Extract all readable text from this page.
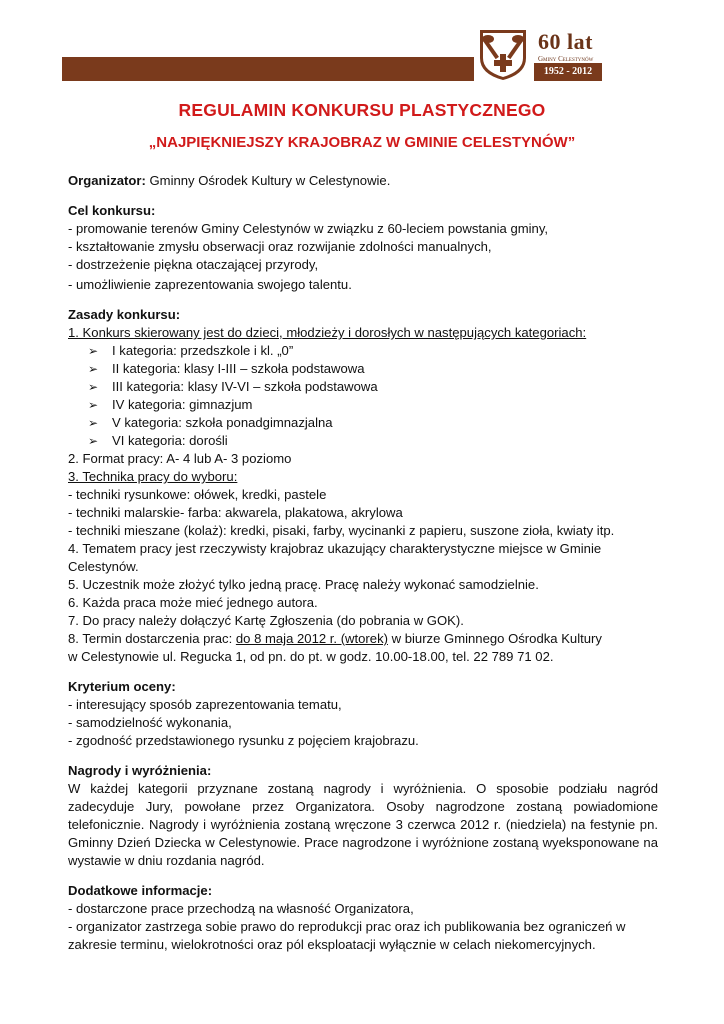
60 lat
Gminy Celestynów
1952 - 2012
REGULAMIN KONKURSU PLASTYCZNEGO
„NAJPIĘKNIEJSZY KRAJOBRAZ W GMINIE CELESTYNÓW”

Organizator: Gminny Ośrodek Kultury w Celestynowie.

Cel konkursu:

- promowanie terenów Gminy Celestynów w związku z 60-leciem powstania gminy,

- kształtowanie zmysłu obserwacji oraz rozwijanie zdolności manualnych,

- dostrzeżenie piękna otaczającej przyrody,

- umożliwienie zaprezentowania swojego talentu.

Zasady konkursu:

1. Konkurs skierowany jest do dzieci, młodzieży i dorosłych w następujących kategoriach:

➢	I kategoria: przedszkole i kl. „0”

➢	II kategoria: klasy I-III – szkoła podstawowa

➢	III kategoria: klasy IV-VI – szkoła podstawowa

➢	IV kategoria: gimnazjum

➢	V kategoria: szkoła ponadgimnazjalna

➢	VI kategoria: dorośli

2. Format pracy: A- 4 lub A- 3 poziomo

3. Technika pracy do wyboru:

- techniki rysunkowe: ołówek, kredki, pastele

- techniki malarskie- farba: akwarela, plakatowa, akrylowa

- techniki mieszane (kolaż): kredki, pisaki, farby, wycinanki z papieru, suszone zioła, kwiaty itp.

4. Tematem pracy jest rzeczywisty krajobraz ukazujący charakterystyczne miejsce w Gminie Celestynów.

5. Uczestnik może złożyć tylko jedną pracę. Pracę należy wykonać samodzielnie.

6. Każda praca może mieć jednego autora.

7. Do pracy należy dołączyć Kartę Zgłoszenia (do pobrania w GOK).

8. Termin dostarczenia prac: do 8 maja 2012 r. (wtorek) w biurze Gminnego Ośrodka Kultury

w Celestynowie ul. Regucka 1, od pn. do pt. w godz. 10.00-18.00, tel. 22 789 71 02.

Kryterium oceny:

- interesujący sposób zaprezentowania tematu,

- samodzielność wykonania,

- zgodność przedstawionego rysunku z pojęciem krajobrazu.

Nagrody i wyróżnienia:

W każdej kategorii przyznane zostaną nagrody i wyróżnienia. O sposobie podziału nagród zadecyduje Jury, powołane przez Organizatora. Osoby nagrodzone zostaną powiadomione telefonicznie. Nagrody i wyróżnienia zostaną wręczone 3 czerwca 2012 r. (niedziela) na festynie pn. Gminny Dzień Dziecka w Celestynowie. Prace nagrodzone i wyróżnione zostaną wyeksponowane na wystawie w dniu rozdania nagród.

Dodatkowe informacje:

- dostarczone prace przechodzą na własność Organizatora,

- organizator zastrzega sobie prawo do reprodukcji prac oraz ich publikowania bez ograniczeń w zakresie terminu, wielokrotności oraz pól eksploatacji wyłącznie w celach niekomercyjnych.
